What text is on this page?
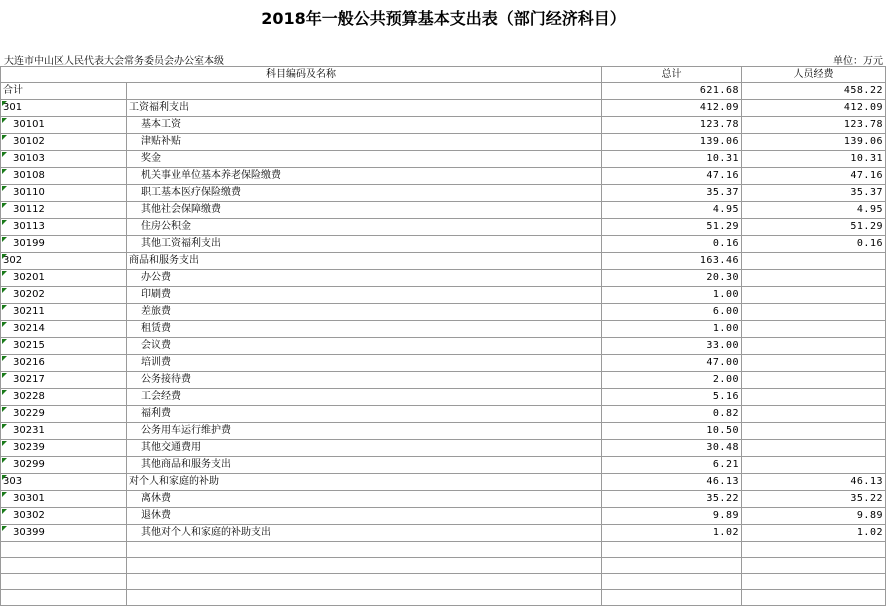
2018年一般公共预算基本支出表（部门经济科目）
大连市中山区人民代表大会常务委员会办公室本级	单位：万元
科目编码及名称		总计	人员经费	
合计		621.68	458.22	

301	工资福利支出	412.09	412.09	

30101	基本工资	123.78	123.78	

30102	津贴补贴	139.06	139.06	

30103	奖金	10.31	10.31	

30108	机关事业单位基本养老保险缴费	47.16	47.16	

30110	职工基本医疗保险缴费	35.37	35.37	

30112	其他社会保障缴费	4.95	4.95	

30113	住房公积金	51.29	51.29	

30199	其他工资福利支出	0.16	0.16	

302	商品和服务支出	163.46		

30201	办公费	20.30		

30202	印刷费	1.00		

30211	差旅费	6.00		

30214	租赁费	1.00		

30215	会议费	33.00		

30216	培训费	47.00		

30217	公务接待费	2.00		

30228	工会经费	5.16		

30229	福利费	0.82		

30231	公务用车运行维护费	10.50		

30239	其他交通费用	30.48		

30299	其他商品和服务支出	6.21		

303	对个人和家庭的补助	46.13	46.13	

30301	离休费	35.22	35.22	

30302	退休费	9.89	9.89	

30399	其他对个人和家庭的补助支出	1.02	1.02	
